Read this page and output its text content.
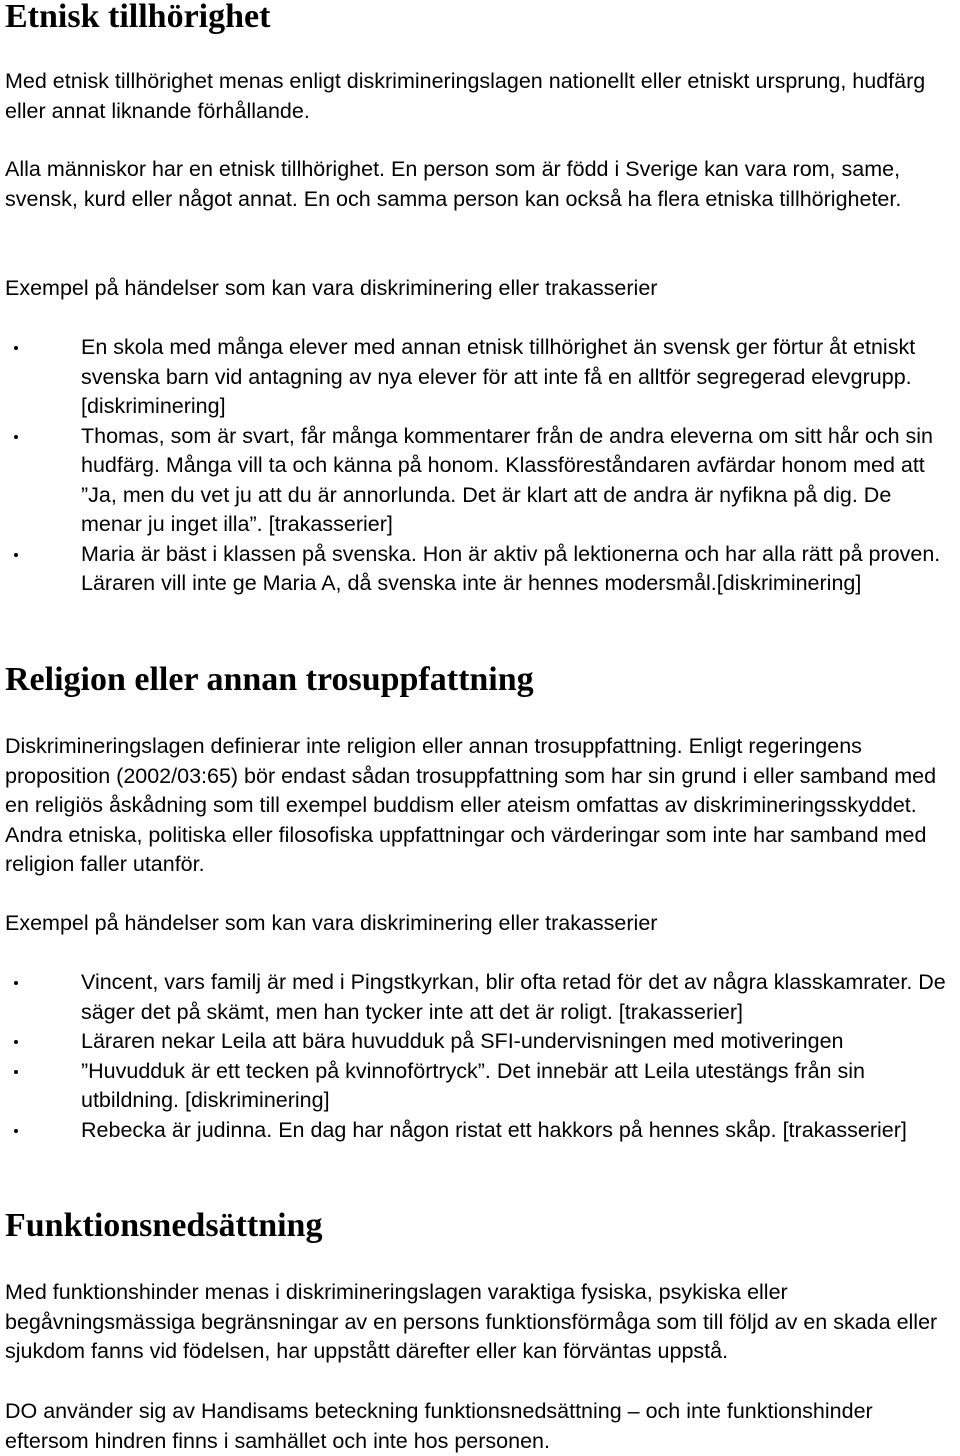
Etnisk tillhörighet

Med etnisk tillhörighet menas enligt diskrimineringslagen nationellt eller etniskt ursprung, hudfärg eller annat liknande förhållande.

Alla människor har en etnisk tillhörighet. En person som är född i Sverige kan vara rom, same, svensk, kurd eller något annat. En och samma person kan också ha flera etniska tillhörigheter.

Exempel på händelser som kan vara diskriminering eller trakasserier

En skola med många elever med annan etnisk tillhörighet än svensk ger förtur åt etniskt svenska barn vid antagning av nya elever för att inte få en alltför segregerad elevgrupp. [diskriminering]
Thomas, som är svart, får många kommentarer från de andra eleverna om sitt hår och sin hudfärg. Många vill ta och känna på honom. Klassföreståndaren avfärdar honom med att ”Ja, men du vet ju att du är annorlunda. Det är klart att de andra är nyfikna på dig. De menar ju inget illa”. [trakasserier]
Maria är bäst i klassen på svenska. Hon är aktiv på lektionerna och har alla rätt på proven. Läraren vill inte ge Maria A, då svenska inte är hennes modersmål.[diskriminering]
Religion eller annan trosuppfattning

Diskrimineringslagen definierar inte religion eller annan trosuppfattning. Enligt regeringens proposition (2002/03:65) bör endast sådan trosuppfattning som har sin grund i eller samband med en religiös åskådning som till exempel buddism eller ateism omfattas av diskrimineringsskyddet. Andra etniska, politiska eller filosofiska uppfattningar och värderingar som inte har samband med religion faller utanför.

Exempel på händelser som kan vara diskriminering eller trakasserier

Vincent, vars familj är med i Pingstkyrkan, blir ofta retad för det av några klasskamrater. De säger det på skämt, men han tycker inte att det är roligt. [trakasserier]
Läraren nekar Leila att bära huvudduk på SFI-undervisningen med motiveringen
”Huvudduk är ett tecken på kvinnoförtryck”. Det innebär att Leila utestängs från sin utbildning. [diskriminering]
Rebecka är judinna. En dag har någon ristat ett hakkors på hennes skåp. [trakasserier]
Funktionsnedsättning

Med funktionshinder menas i diskrimineringslagen varaktiga fysiska, psykiska eller begåvningsmässiga begränsningar av en persons funktionsförmåga som till följd av en skada eller sjukdom fanns vid födelsen, har uppstått därefter eller kan förväntas uppstå.

DO använder sig av Handisams beteckning funktionsnedsättning – och inte funktionshinder eftersom hindren finns i samhället och inte hos personen.
